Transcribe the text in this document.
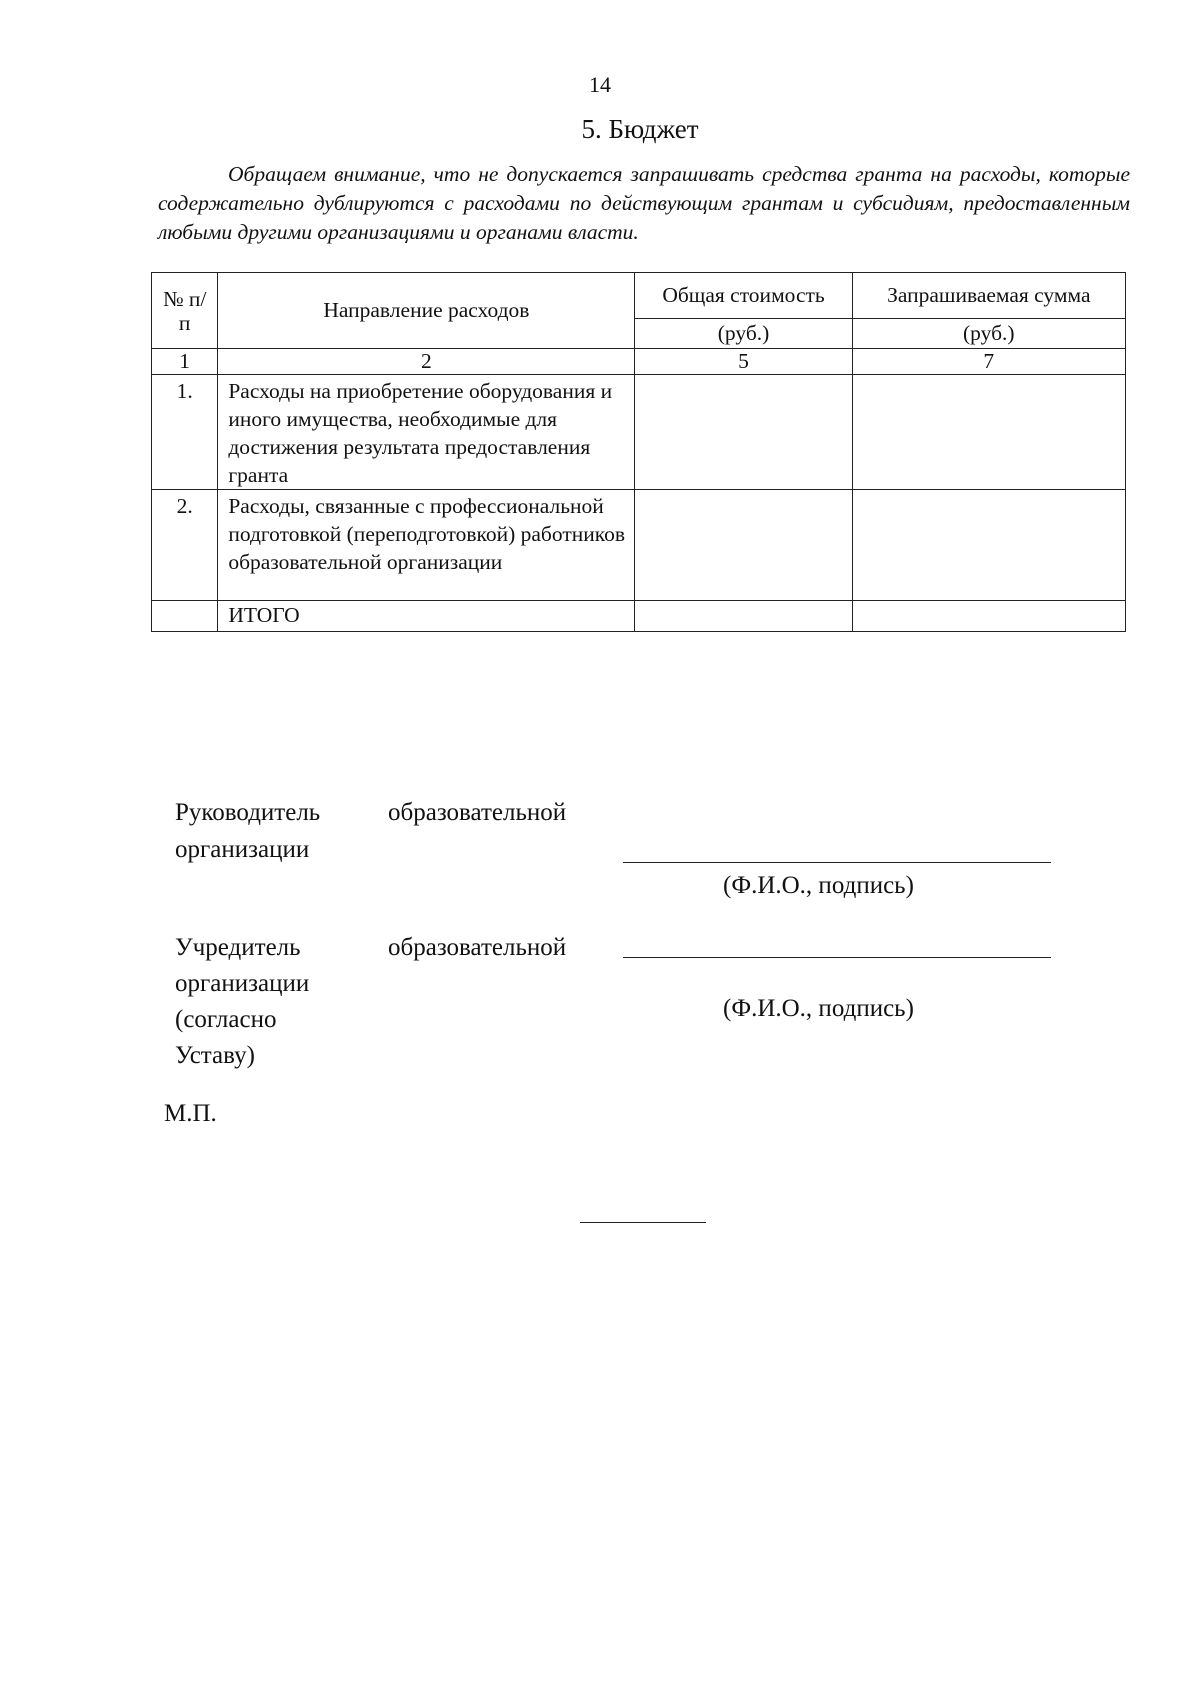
14
5. Бюджет

Обращаем внимание, что не допускается запрашивать средства гранта на расходы, которые содержательно дублируются с расходами по действующим грантам и субсидиям, предоставленным любыми другими организациями и органами власти.

№ п/п	Направление расходов	Общая стоимость	Запрашиваемая сумма
		(руб.)	(руб.)
1	2	5	7
1.	Расходы на приобретение оборудования и иного имущества, необходимые для достижения результата предоставления гранта		
2.	Расходы, связанные с профессиональной подготовкой (переподготовкой) работников образовательной организации		
	ИТОГО		
Руководитель	образовательной
организации
(Ф.И.О., подпись)
Учредитель	образовательной
организации (согласно Уставу)
(Ф.И.О., подпись)
М.П.
